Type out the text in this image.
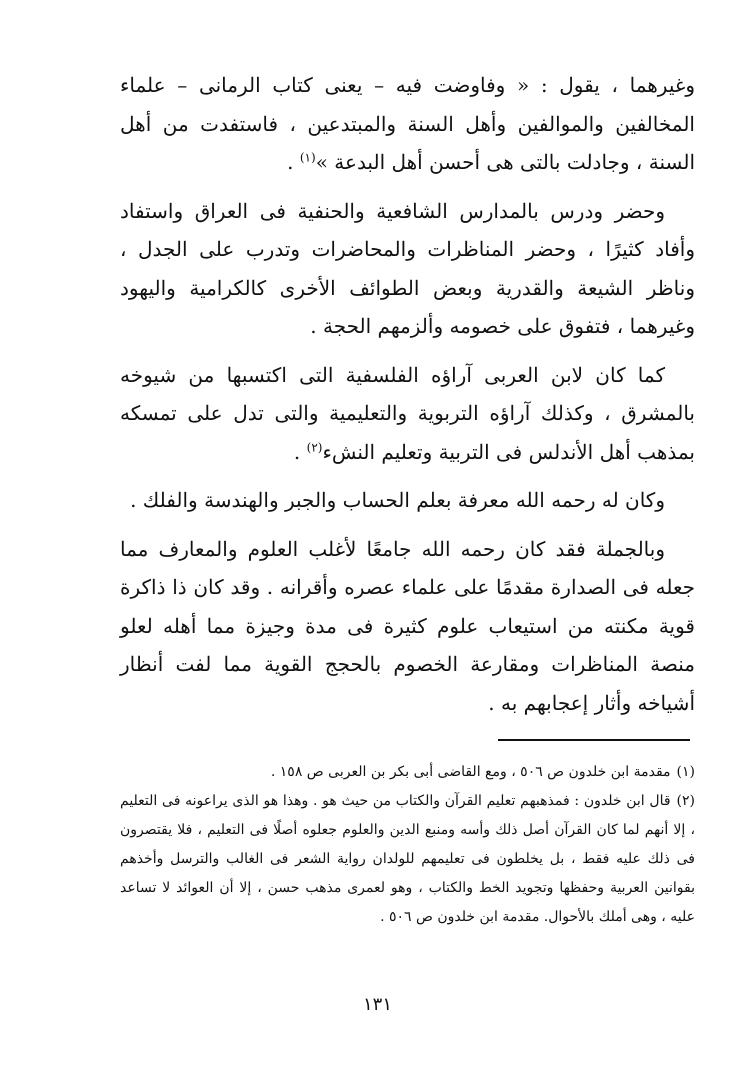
وغيرهما ، يقول : « وفاوضت فيه – يعنى كتاب الرمانى – علماء المخالفين والموالفين وأهل السنة والمبتدعين ، فاستفدت من أهل السنة ، وجادلت بالتى هى أحسن أهل البدعة »$^{(١)}$ .

وحضر ودرس بالمدارس الشافعية والحنفية فى العراق واستفاد وأفاد كثيرًا ، وحضر المناظرات والمحاضرات وتدرب على الجدل ، وناظر الشيعة والقدرية وبعض الطوائف الأخرى كالكرامية واليهود وغيرهما ، فتفوق على خصومه وألزمهم الحجة .

كما كان لابن العربى آراؤه الفلسفية التى اكتسبها من شيوخه بالمشرق ، وكذلك آراؤه التربوية والتعليمية والتى تدل على تمسكه بمذهب أهل الأندلس فى التربية وتعليم النشء$^{(٢)}$ .

وكان له رحمه الله معرفة بعلم الحساب والجبر والهندسة والفلك .

وبالجملة فقد كان رحمه الله جامعًا لأغلب العلوم والمعارف مما جعله فى الصدارة مقدمًا على علماء عصره وأقرانه . وقد كان ذا ذاكرة قوية مكنته من استيعاب علوم كثيرة فى مدة وجيزة مما أهله لعلو منصة المناظرات ومقارعة الخصوم بالحجج القوية مما لفت أنظار أشياخه وأثار إعجابهم به .

(١)مقدمة ابن خلدون ص ٥٠٦ ، ومع القاضى أبى بكر بن العربى ص ١٥٨ .

(٢)قال ابن خلدون : فمذهبهم تعليم القرآن والكتاب من حيث هو . وهذا هو الذى يراعونه فى التعليم ، إلا أنهم لما كان القرآن أصل ذلك وأسه ومنبع الدين والعلوم جعلوه أصلًا فى التعليم ، فلا يقتصرون فى ذلك عليه فقط ، بل يخلطون فى تعليمهم للولدان رواية الشعر فى الغالب والترسل وأخذهم بقوانين العربية وحفظها وتجويد الخط والكتاب ، وهو لعمرى مذهب حسن ، إلا أن العوائد لا تساعد عليه ، وهى أملك بالأحوال. مقدمة ابن خلدون ص ٥٠٦ .

١٣١
